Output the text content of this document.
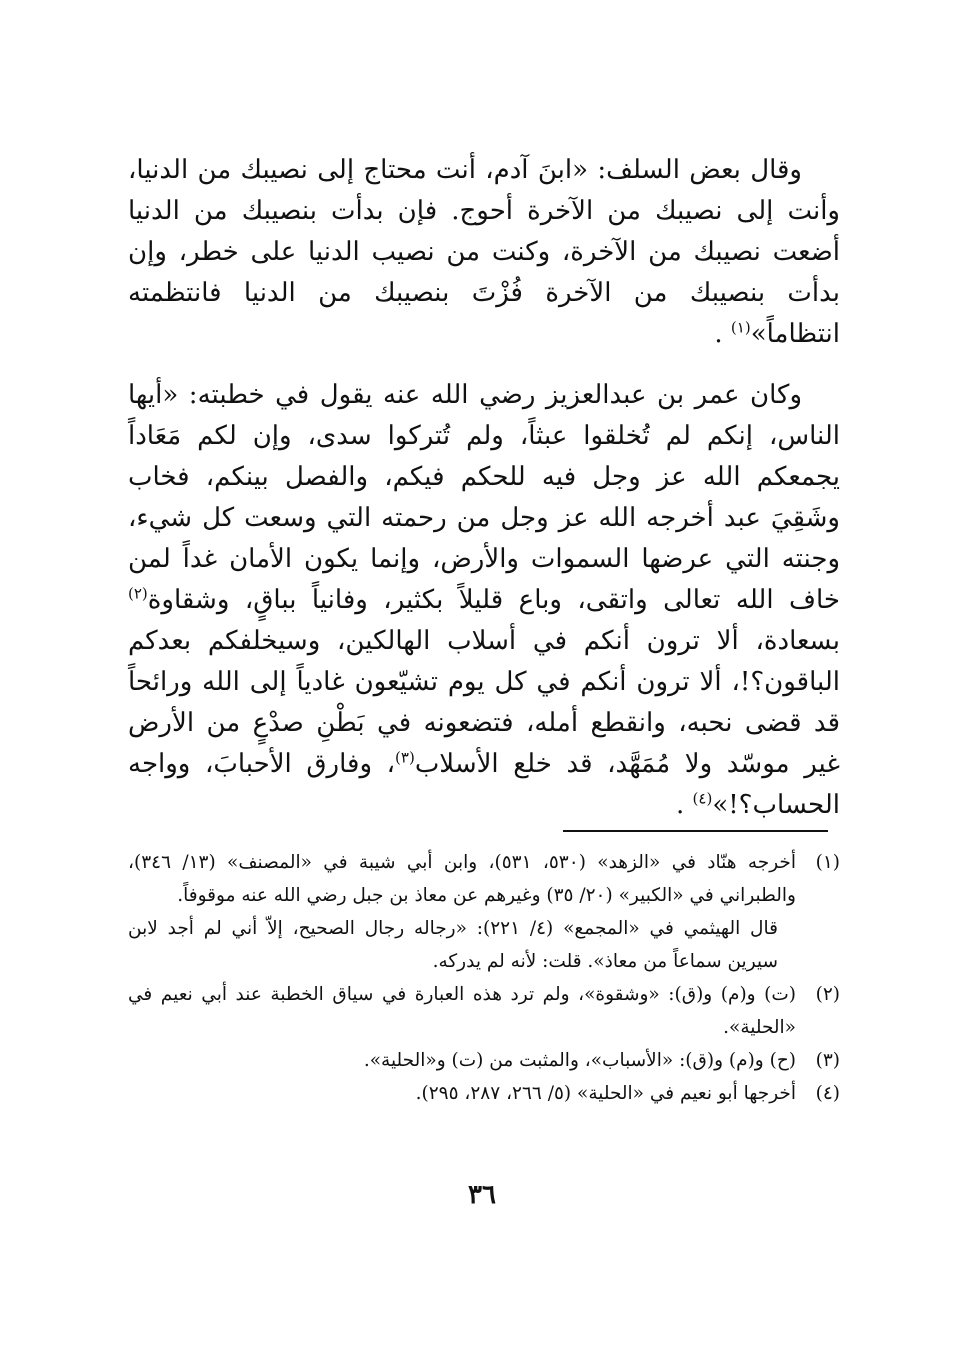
وقال بعض السلف: «ابنَ آدم، أنت محتاج إلى نصيبك من الدنيا، وأنت إلى نصيبك من الآخرة أحوج. فإن بدأت بنصيبك من الدنيا أضعت نصيبك من الآخرة، وكنت من نصيب الدنيا على خطر، وإن بدأت بنصيبك من الآخرة فُزْتَ بنصيبك من الدنيا فانتظمته انتظاماً»$^{(١)}$ .

وكان عمر بن عبدالعزيز رضي الله عنه يقول في خطبته: «أيها الناس، إنكم لم تُخلقوا عبثاً، ولم تُتركوا سدى، وإن لكم مَعَاداً يجمعكم الله عز وجل فيه للحكم فيكم، والفصل بينكم، فخاب وشَقِيَ عبد أخرجه الله عز وجل من رحمته التي وسعت كل شيء، وجنته التي عرضها السموات والأرض، وإنما يكون الأمان غداً لمن خاف الله تعالى واتقى، وباع قليلاً بكثير، وفانياً بباقٍ، وشقاوة$^{(٢)}$ بسعادة، ألا ترون أنكم في أسلاب الهالكين، وسيخلفكم بعدكم الباقون؟!، ألا ترون أنكم في كل يوم تشيّعون غادياً إلى الله ورائحاً قد قضى نحبه، وانقطع أمله، فتضعونه في بَطْنِ صدْعٍ من الأرض غير موسّد ولا مُمَهَّد، قد خلع الأسلاب$^{(٣)}$، وفارق الأحبابَ، وواجه الحساب؟!»$^{(٤)}$ .

(١)
أخرجه هنّاد في «الزهد» (٥٣٠، ٥٣١)، وابن أبي شيبة في «المصنف» (١٣/ ٣٤٦)، والطبراني في «الكبير» (٢٠/ ٣٥) وغيرهم عن معاذ بن جبل رضي الله عنه موقوفاً.
قال الهيثمي في «المجمع» (٤/ ٢٢١): «رجاله رجال الصحيح، إلاّ أني لم أجد لابن سيرين سماعاً من معاذ». قلت: لأنه لم يدركه.
(٢)
(ت) و(م) و(ق): «وشقوة»، ولم ترد هذه العبارة في سياق الخطبة عند أبي نعيم في «الحلية».
(٣)
(ح) و(م) و(ق): «الأسباب»، والمثبت من (ت) و«الحلية».
(٤)
أخرجها أبو نعيم في «الحلية» (٥/ ٢٦٦، ٢٨٧، ٢٩٥).
٣٦
